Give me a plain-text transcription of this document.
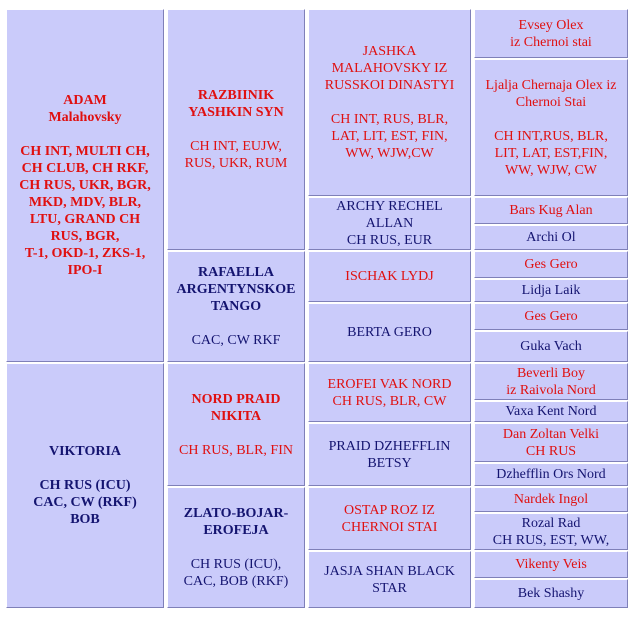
ADAM
Malahovsky
CH INT, MULTI CH,
CH CLUB, CH RKF,
CH RUS, UKR, BGR,
MKD, MDV, BLR,
LTU, GRAND CH
RUS, BGR,
T-1, OKD-1, ZKS-1,
IPO-I
VIKTORIA
CH RUS (ICU)
CAC, CW (RKF)
BOB
RAZBIINIK
YASHKIN SYN
CH INT, EUJW,
RUS, UKR, RUM
RAFAELLA
ARGENTYNSKOE
TANGO
CAC, CW RKF
NORD PRAID
NIKITA
CH RUS, BLR, FIN
ZLATO-BOJAR-
EROFEJA
CH RUS (ICU),
CAC, BOB (RKF)
JASHKA
MALAHOVSKY IZ
RUSSKOI DINASTYI
CH INT, RUS, BLR,
LAT, LIT, EST, FIN,
WW, WJW,CW
ARCHY RECHEL
ALLAN
CH RUS, EUR
ISCHAK LYDJ
BERTA GERO
EROFEI VAK NORD
CH RUS, BLR, CW
PRAID DZHEFFLIN
BETSY
OSTAP ROZ IZ
CHERNOI STAI
JASJA SHAN BLACK
STAR
Evsey Olex
iz Chernoi stai
Ljalja Chernaja Olex iz
Chernoi Stai
CH INT,RUS, BLR,
LIT, LAT, EST,FIN,
WW, WJW, CW
Bars Kug Alan
Archi Ol
Ges Gero
Lidja Laik
Ges Gero
Guka Vach
Beverli Boy
iz Raivola Nord
Vaxa Kent Nord
Dan Zoltan Velki
CH RUS
Dzhefflin Ors Nord
Nardek Ingol
Rozal Rad
CH RUS, EST, WW,
Vikenty Veis
Bek Shashy
